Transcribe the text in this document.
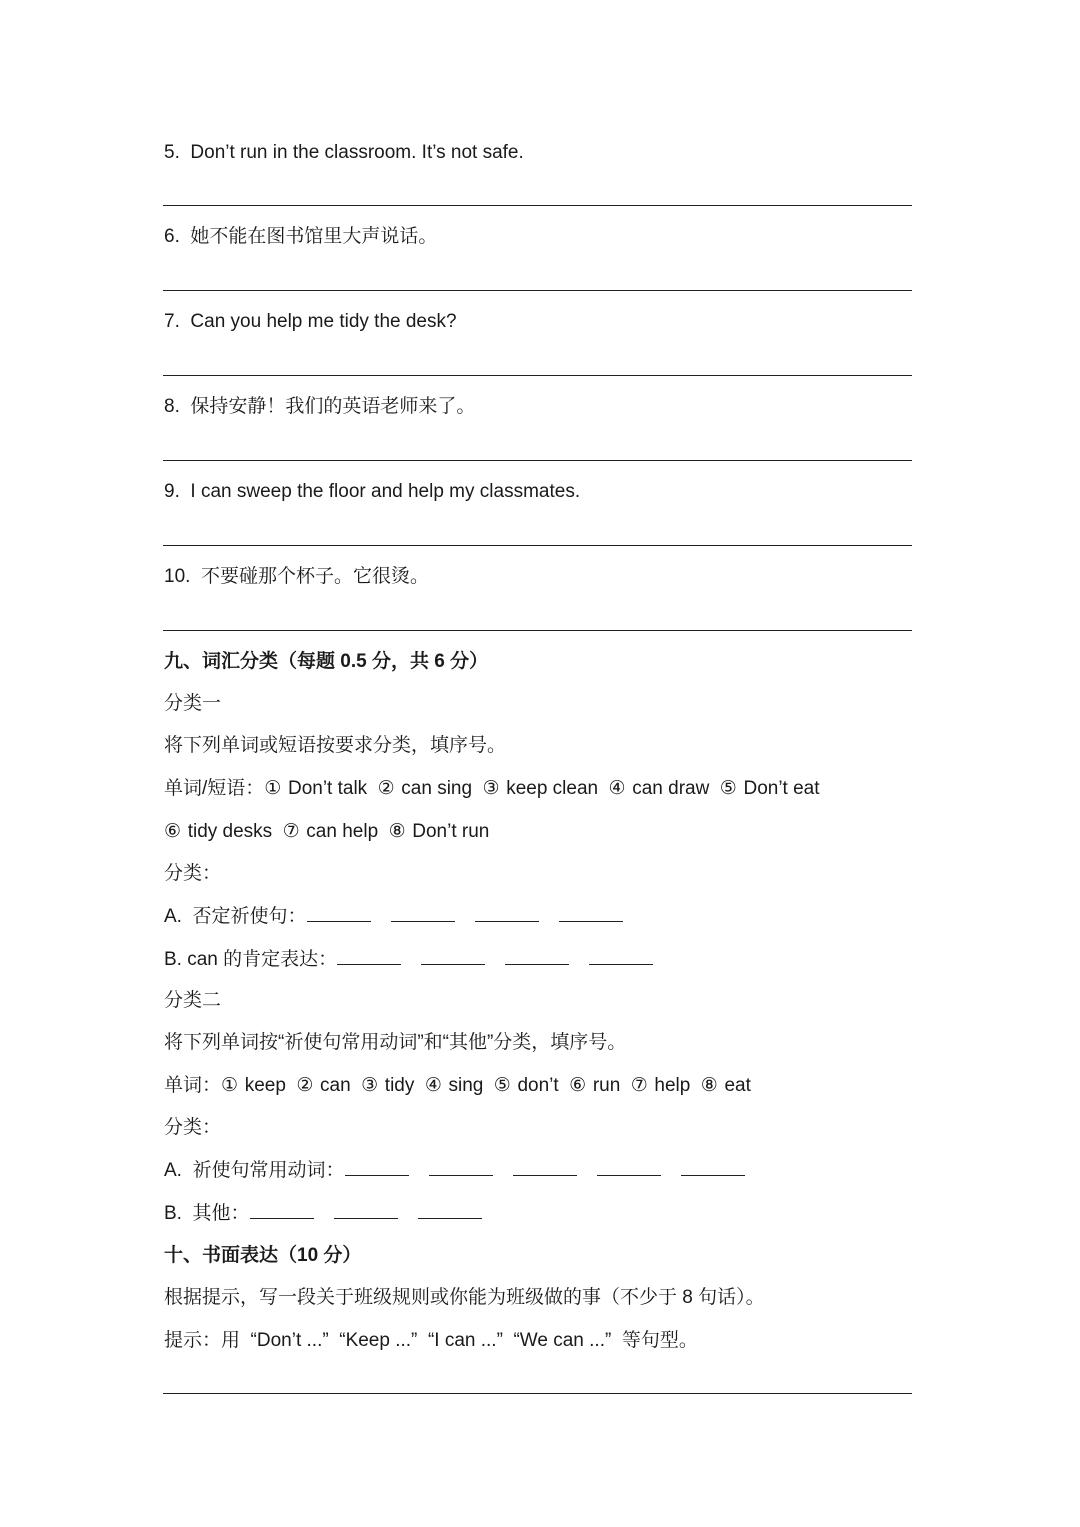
5.  Don’t run in the classroom. It’s not safe.
6.  她不能在图书馆里大声说话。
7.  Can you help me tidy the desk?
8.  保持安静！我们的英语老师来了。
9.  I can sweep the floor and help my classmates.
10.  不要碰那个杯子。它很烫。
九、词汇分类（每题 0.5 分，共 6 分）
分类一
将下列单词或短语按要求分类，填序号。
单词/短语：① Don’t talk ② can sing ③ keep clean ④ can draw ⑤ Don’t eat
⑥ tidy desks ⑦ can help ⑧ Don’t run
分类：
A.  否定祈使句：
B. can 的肯定表达：
分类二
将下列单词按“祈使句常用动词”和“其他”分类，填序号。
单词：① keep ② can ③ tidy ④ sing ⑤ don’t ⑥ run ⑦ help ⑧ eat
分类：
A.  祈使句常用动词：
B.  其他：
十、书面表达（10 分）
根据提示，写一段关于班级规则或你能为班级做的事（不少于 8 句话）。
提示：用  “Don’t ...”  “Keep ...”  “I can ...”  “We can ...”  等句型。
